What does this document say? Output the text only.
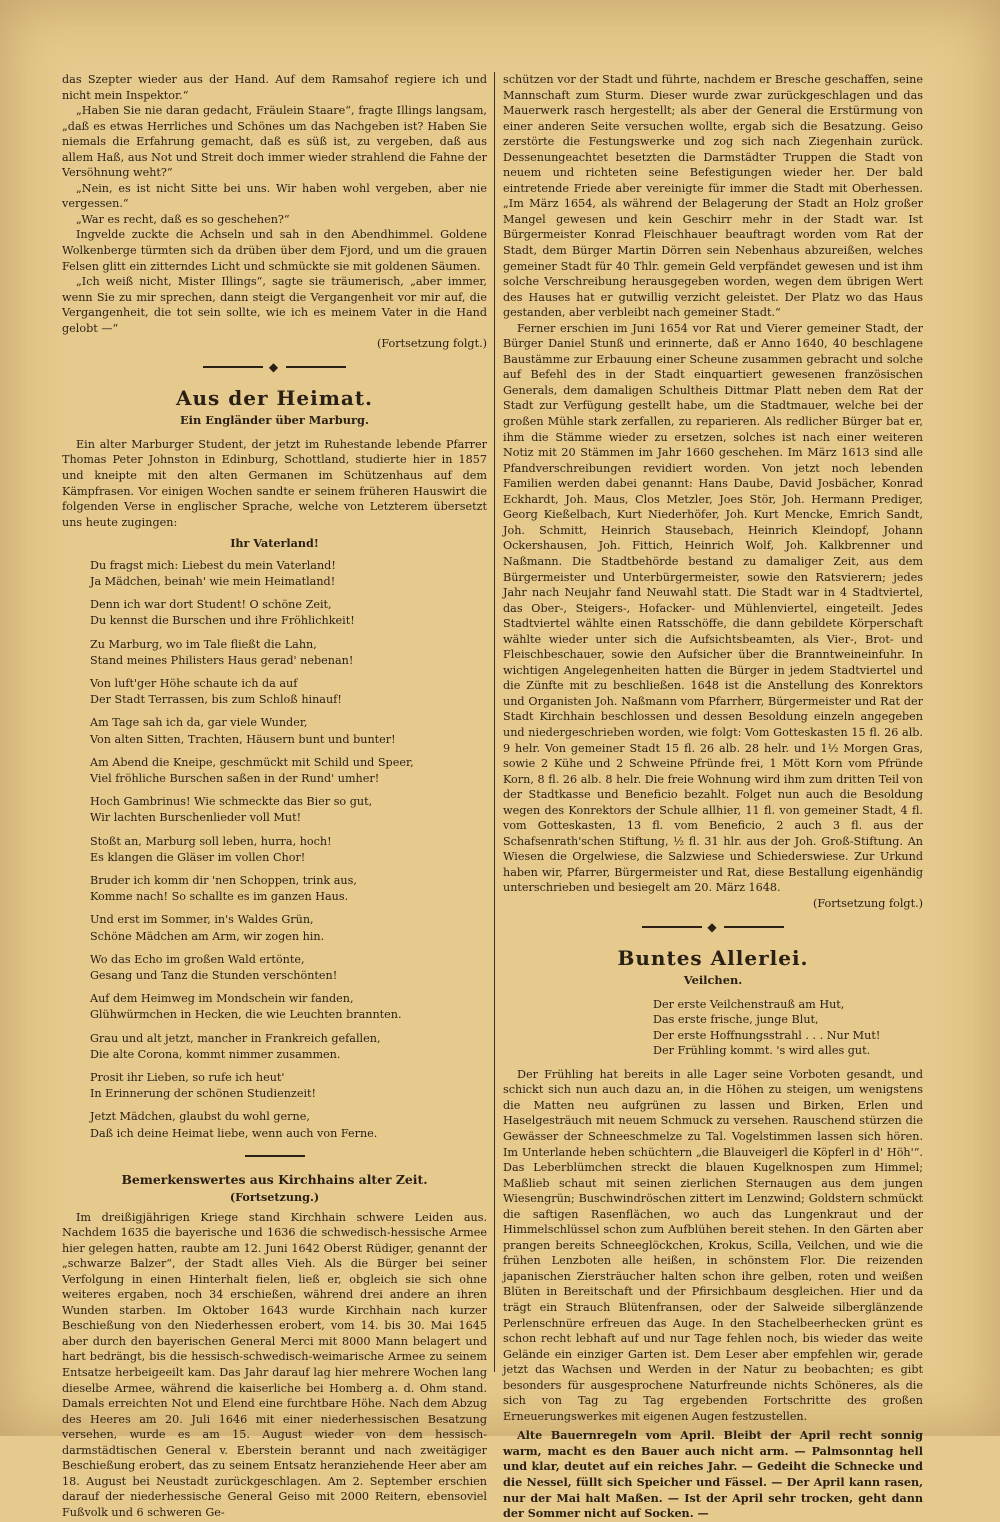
das Szepter wieder aus der Hand. Auf dem Ramsahof regiere ich und nicht mein Inspektor.“

„Haben Sie nie daran gedacht, Fräulein Staare“, fragte Illings langsam, „daß es etwas Herrliches und Schönes um das Nachgeben ist? Haben Sie niemals die Erfahrung gemacht, daß es süß ist, zu vergeben, daß aus allem Haß, aus Not und Streit doch immer wieder strahlend die Fahne der Versöhnung weht?“

„Nein, es ist nicht Sitte bei uns. Wir haben wohl vergeben, aber nie vergessen.“

„War es recht, daß es so geschehen?“

Ingvelde zuckte die Achseln und sah in den Abendhimmel. Goldene Wolkenberge türmten sich da drüben über dem Fjord, und um die grauen Felsen glitt ein zitterndes Licht und schmückte sie mit goldenen Säumen.

„Ich weiß nicht, Mister Illings“, sagte sie träumerisch, „aber immer, wenn Sie zu mir sprechen, dann steigt die Vergangenheit vor mir auf, die Vergangenheit, die tot sein sollte, wie ich es meinem Vater in die Hand gelobt —“

(Fortsetzung folgt.)

◆
Aus der Heimat.
Ein Engländer über Marburg.

Ein alter Marburger Student, der jetzt im Ruhestande lebende Pfarrer Thomas Peter Johnston in Edinburg, Schottland, studierte hier in 1857 und kneipte mit den alten Germanen im Schützenhaus auf dem Kämpfrasen. Vor einigen Wochen sandte er seinem früheren Hauswirt die folgenden Verse in englischer Sprache, welche von Letzterem übersetzt uns heute zugingen:

Ihr Vaterland!

Du fragst mich: Liebest du mein Vaterland!

Ja Mädchen, beinah' wie mein Heimatland!

Denn ich war dort Student! O schöne Zeit,

Du kennst die Burschen und ihre Fröhlichkeit!

Zu Marburg, wo im Tale fließt die Lahn,

Stand meines Philisters Haus gerad' nebenan!

Von luft'ger Höhe schaute ich da auf

Der Stadt Terrassen, bis zum Schloß hinauf!

Am Tage sah ich da, gar viele Wunder,

Von alten Sitten, Trachten, Häusern bunt und bunter!

Am Abend die Kneipe, geschmückt mit Schild und Speer,

Viel fröhliche Burschen saßen in der Rund' umher!

Hoch Gambrinus! Wie schmeckte das Bier so gut,

Wir lachten Burschenlieder voll Mut!

Stoßt an, Marburg soll leben, hurra, hoch!

Es klangen die Gläser im vollen Chor!

Bruder ich komm dir 'nen Schoppen, trink aus,

Komme nach! So schallte es im ganzen Haus.

Und erst im Sommer, in's Waldes Grün,

Schöne Mädchen am Arm, wir zogen hin.

Wo das Echo im großen Wald ertönte,

Gesang und Tanz die Stunden verschönten!

Auf dem Heimweg im Mondschein wir fanden,

Glühwürmchen in Hecken, die wie Leuchten brannten.

Grau und alt jetzt, mancher in Frankreich gefallen,

Die alte Corona, kommt nimmer zusammen.

Prosit ihr Lieben, so rufe ich heut'

In Erinnerung der schönen Studienzeit!

Jetzt Mädchen, glaubst du wohl gerne,

Daß ich deine Heimat liebe, wenn auch von Ferne.

Bemerkenswertes aus Kirchhains alter Zeit.
(Fortsetzung.)

Im dreißigjährigen Kriege stand Kirchhain schwere Leiden aus. Nachdem 1635 die bayerische und 1636 die schwedisch-hessische Armee hier gelegen hatten, raubte am 12. Juni 1642 Oberst Rüdiger, genannt der „schwarze Balzer“, der Stadt alles Vieh. Als die Bürger bei seiner Verfolgung in einen Hinterhalt fielen, ließ er, obgleich sie sich ohne weiteres ergaben, noch 34 erschießen, während drei andere an ihren Wunden starben. Im Oktober 1643 wurde Kirchhain nach kurzer Beschießung von den Niederhessen erobert, vom 14. bis 30. Mai 1645 aber durch den bayerischen General Merci mit 8000 Mann belagert und hart bedrängt, bis die hessisch-schwedisch-weimarische Armee zu seinem Entsatze herbeigeeilt kam. Das Jahr darauf lag hier mehrere Wochen lang dieselbe Armee, während die kaiserliche bei Homberg a. d. Ohm stand. Damals erreichten Not und Elend eine furchtbare Höhe. Nach dem Abzug des Heeres am 20. Juli 1646 mit einer niederhessischen Besatzung versehen, wurde es am 15. August wieder von dem hessisch-darmstädtischen General v. Eberstein berannt und nach zweitägiger Beschießung erobert, das zu seinem Entsatz heranziehende Heer aber am 18. August bei Neustadt zurückgeschlagen. Am 2. September erschien darauf der niederhessische General Geiso mit 2000 Reitern, ebensoviel Fußvolk und 6 schweren Ge-

schützen vor der Stadt und führte, nachdem er Bresche geschaffen, seine Mannschaft zum Sturm. Dieser wurde zwar zurückgeschlagen und das Mauerwerk rasch hergestellt; als aber der General die Erstürmung von einer anderen Seite versuchen wollte, ergab sich die Besatzung. Geiso zerstörte die Festungswerke und zog sich nach Ziegenhain zurück. Dessenungeachtet besetzten die Darmstädter Truppen die Stadt von neuem und richteten seine Befestigungen wieder her. Der bald eintretende Friede aber vereinigte für immer die Stadt mit Oberhessen. „Im März 1654, als während der Belagerung der Stadt an Holz großer Mangel gewesen und kein Geschirr mehr in der Stadt war. Ist Bürgermeister Konrad Fleischhauer beauftragt worden vom Rat der Stadt, dem Bürger Martin Dörren sein Nebenhaus abzureißen, welches gemeiner Stadt für 40 Thlr. gemein Geld verpfändet gewesen und ist ihm solche Verschreibung herausgegeben worden, wegen dem übrigen Wert des Hauses hat er gutwillig verzicht geleistet. Der Platz wo das Haus gestanden, aber verbleibt nach gemeiner Stadt.“

Ferner erschien im Juni 1654 vor Rat und Vierer gemeiner Stadt, der Bürger Daniel Stunß und erinnerte, daß er Anno 1640, 40 beschlagene Baustämme zur Erbauung einer Scheune zusammen gebracht und solche auf Befehl des in der Stadt einquartiert gewesenen französischen Generals, dem damaligen Schultheis Dittmar Platt neben dem Rat der Stadt zur Verfügung gestellt habe, um die Stadtmauer, welche bei der großen Mühle stark zerfallen, zu reparieren. Als redlicher Bürger bat er, ihm die Stämme wieder zu ersetzen, solches ist nach einer weiteren Notiz mit 20 Stämmen im Jahr 1660 geschehen. Im März 1613 sind alle Pfandverschreibungen revidiert worden. Von jetzt noch lebenden Familien werden dabei genannt: Hans Daube, David Josbächer, Konrad Eckhardt, Joh. Maus, Clos Metzler, Joes Stör, Joh. Hermann Prediger, Georg Kießelbach, Kurt Niederhöfer, Joh. Kurt Mencke, Emrich Sandt, Joh. Schmitt, Heinrich Stausebach, Heinrich Kleindopf, Johann Ockershausen, Joh. Fittich, Heinrich Wolf, Joh. Kalkbrenner und Naßmann. Die Stadtbehörde bestand zu damaliger Zeit, aus dem Bürgermeister und Unterbürgermeister, sowie den Ratsvierern; jedes Jahr nach Neujahr fand Neuwahl statt. Die Stadt war in 4 Stadtviertel, das Ober-, Steigers-, Hofacker- und Mühlenviertel, eingeteilt. Jedes Stadtviertel wählte einen Ratsschöffe, die dann gebildete Körperschaft wählte wieder unter sich die Aufsichtsbeamten, als Vier-, Brot- und Fleischbeschauer, sowie den Aufsicher über die Branntweineinfuhr. In wichtigen Angelegenheiten hatten die Bürger in jedem Stadtviertel und die Zünfte mit zu beschließen. 1648 ist die Anstellung des Konrektors und Organisten Joh. Naßmann vom Pfarrherr, Bürgermeister und Rat der Stadt Kirchhain beschlossen und dessen Besoldung einzeln angegeben und niedergeschrieben worden, wie folgt: Vom Gotteskasten 15 fl. 26 alb. 9 helr. Von gemeiner Stadt 15 fl. 26 alb. 28 helr. und 1½ Morgen Gras, sowie 2 Kühe und 2 Schweine Pfründe frei, 1 Mött Korn vom Pfründe Korn, 8 fl. 26 alb. 8 helr. Die freie Wohnung wird ihm zum dritten Teil von der Stadtkasse und Beneficio bezahlt. Folget nun auch die Besoldung wegen des Konrektors der Schule allhier, 11 fl. von gemeiner Stadt, 4 fl. vom Gotteskasten, 13 fl. vom Beneficio, 2 auch 3 fl. aus der Schafsenrath'schen Stiftung, ½ fl. 31 hlr. aus der Joh. Groß-Stiftung. An Wiesen die Orgelwiese, die Salzwiese und Schiederswiese. Zur Urkund haben wir, Pfarrer, Bürgermeister und Rat, diese Bestallung eigenhändig unterschrieben und besiegelt am 20. März 1648.

(Fortsetzung folgt.)

◆
Buntes Allerlei.
Veilchen.

Der erste Veilchenstrauß am Hut,

Das erste frische, junge Blut,

Der erste Hoffnungsstrahl . . . Nur Mut!

Der Frühling kommt. 's wird alles gut.

Der Frühling hat bereits in alle Lager seine Vorboten gesandt, und schickt sich nun auch dazu an, in die Höhen zu steigen, um wenigstens die Matten neu aufgrünen zu lassen und Birken, Erlen und Haselgesträuch mit neuem Schmuck zu versehen. Rauschend stürzen die Gewässer der Schneeschmelze zu Tal. Vogelstimmen lassen sich hören. Im Unterlande heben schüchtern „die Blauveigerl die Köpferl in d' Höh'“. Das Leberblümchen streckt die blauen Kugelknospen zum Himmel; Maßlieb schaut mit seinen zierlichen Sternaugen aus dem jungen Wiesengrün; Buschwindröschen zittert im Lenzwind; Goldstern schmückt die saftigen Rasenflächen, wo auch das Lungenkraut und der Himmelschlüssel schon zum Aufblühen bereit stehen. In den Gärten aber prangen bereits Schneeglöckchen, Krokus, Scilla, Veilchen, und wie die frühen Lenzboten alle heißen, in schönstem Flor. Die reizenden japanischen Ziersträucher halten schon ihre gelben, roten und weißen Blüten in Bereitschaft und der Pfirsichbaum desgleichen. Hier und da trägt ein Strauch Blütenfransen, oder der Salweide silberglänzende Perlenschnüre erfreuen das Auge. In den Stachelbeerhecken grünt es schon recht lebhaft auf und nur Tage fehlen noch, bis wieder das weite Gelände ein einziger Garten ist. Dem Leser aber empfehlen wir, gerade jetzt das Wachsen und Werden in der Natur zu beobachten; es gibt besonders für ausgesprochene Naturfreunde nichts Schöneres, als die sich von Tag zu Tag ergebenden Fortschritte des großen Erneuerungswerkes mit eigenen Augen festzustellen.

Alte Bauernregeln vom April. Bleibt der April recht sonnig warm, macht es den Bauer auch nicht arm. — Palmsonntag hell und klar, deutet auf ein reiches Jahr. — Gedeiht die Schnecke und die Nessel, füllt sich Speicher und Fässel. — Der April kann rasen, nur der Mai halt Maßen. — Ist der April sehr trocken, geht dann der Sommer nicht auf Socken. —
